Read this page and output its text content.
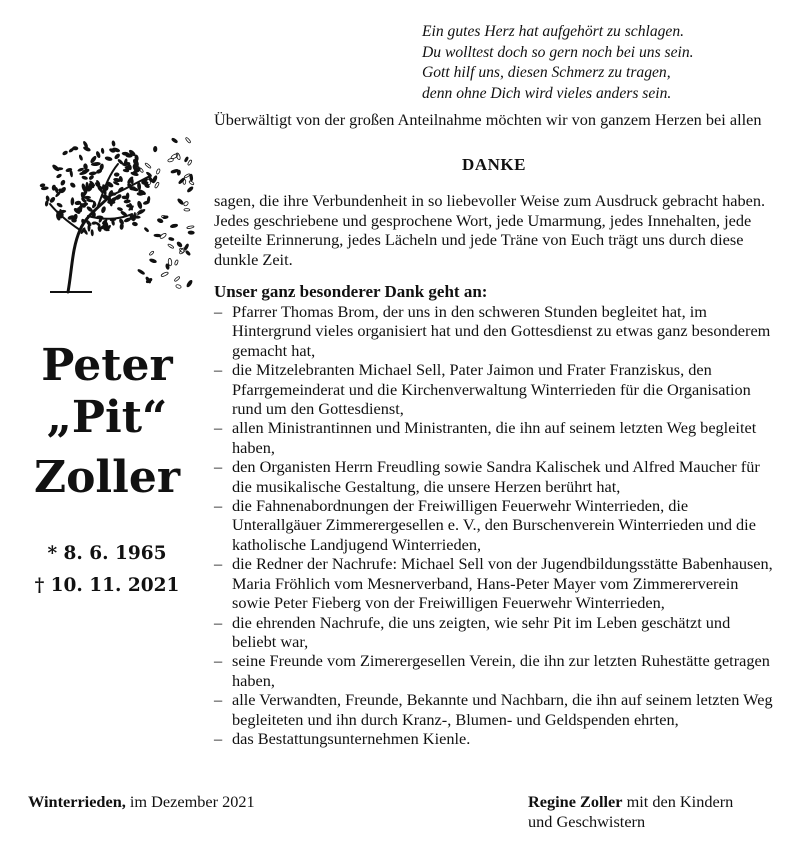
Ein gutes Herz hat aufgehört zu schlagen.
Du wolltest doch so gern noch bei uns sein.
Gott hilf uns, diesen Schmerz zu tragen,
denn ohne Dich wird vieles anders sein.
Peter
„Pit“
Zoller
* 8. 6. 1965
† 10. 11. 2021
Überwältigt von der großen Anteilnahme möchten wir von ganzem Herzen bei allen
DANKE
sagen, die ihre Verbundenheit in so liebevoller Weise zum Ausdruck gebracht haben. Jedes geschriebene und gesprochene Wort, jede Umarmung, jedes Innehalten, jede geteilte Erinnerung, jedes Lächeln und jede Träne von Euch trägt uns durch diese dunkle Zeit.
Unser ganz besonderer Dank geht an:
– Pfarrer Thomas Brom, der uns in den schweren Stunden begleitet hat, im Hintergrund vieles organisiert hat und den Gottesdienst zu etwas ganz besonderem gemacht hat,
– die Mitzelebranten Michael Sell, Pater Jaimon und Frater Franziskus, den Pfarrgemeinderat und die Kirchenverwaltung Winterrieden für die Organisation rund um den Gottesdienst,
– allen Ministrantinnen und Ministranten, die ihn auf seinem letzten Weg begleitet haben,
– den Organisten Herrn Freudling sowie Sandra Kalischek und Alfred Maucher für die musikalische Gestaltung, die unsere Herzen berührt hat,
– die Fahnenabordnungen der Freiwilligen Feuerwehr Winterrieden, die Unterallgäuer Zimmerergesellen e. V., den Burschenverein Winterrieden und die katholische Landjugend Winterrieden,
– die Redner der Nachrufe: Michael Sell von der Jugendbildungsstätte Babenhausen, Maria Fröhlich vom Mesnerverband, Hans-Peter Mayer vom Zimmererverein sowie Peter Fieberg von der Freiwilligen Feuerwehr Winterrieden,
– die ehrenden Nachrufe, die uns zeigten, wie sehr Pit im Leben geschätzt und beliebt war,
– seine Freunde vom Zimerergesellen Verein, die ihn zur letzten Ruhestätte getragen haben,
– alle Verwandten, Freunde, Bekannte und Nachbarn, die ihn auf seinem letzten Weg begleiteten und ihn durch Kranz-, Blumen- und Geldspenden ehrten,
– das Bestattungsunternehmen Kienle.
Winterrieden, im Dezember 2021	Regine Zoller mit den Kindern
und Geschwistern
